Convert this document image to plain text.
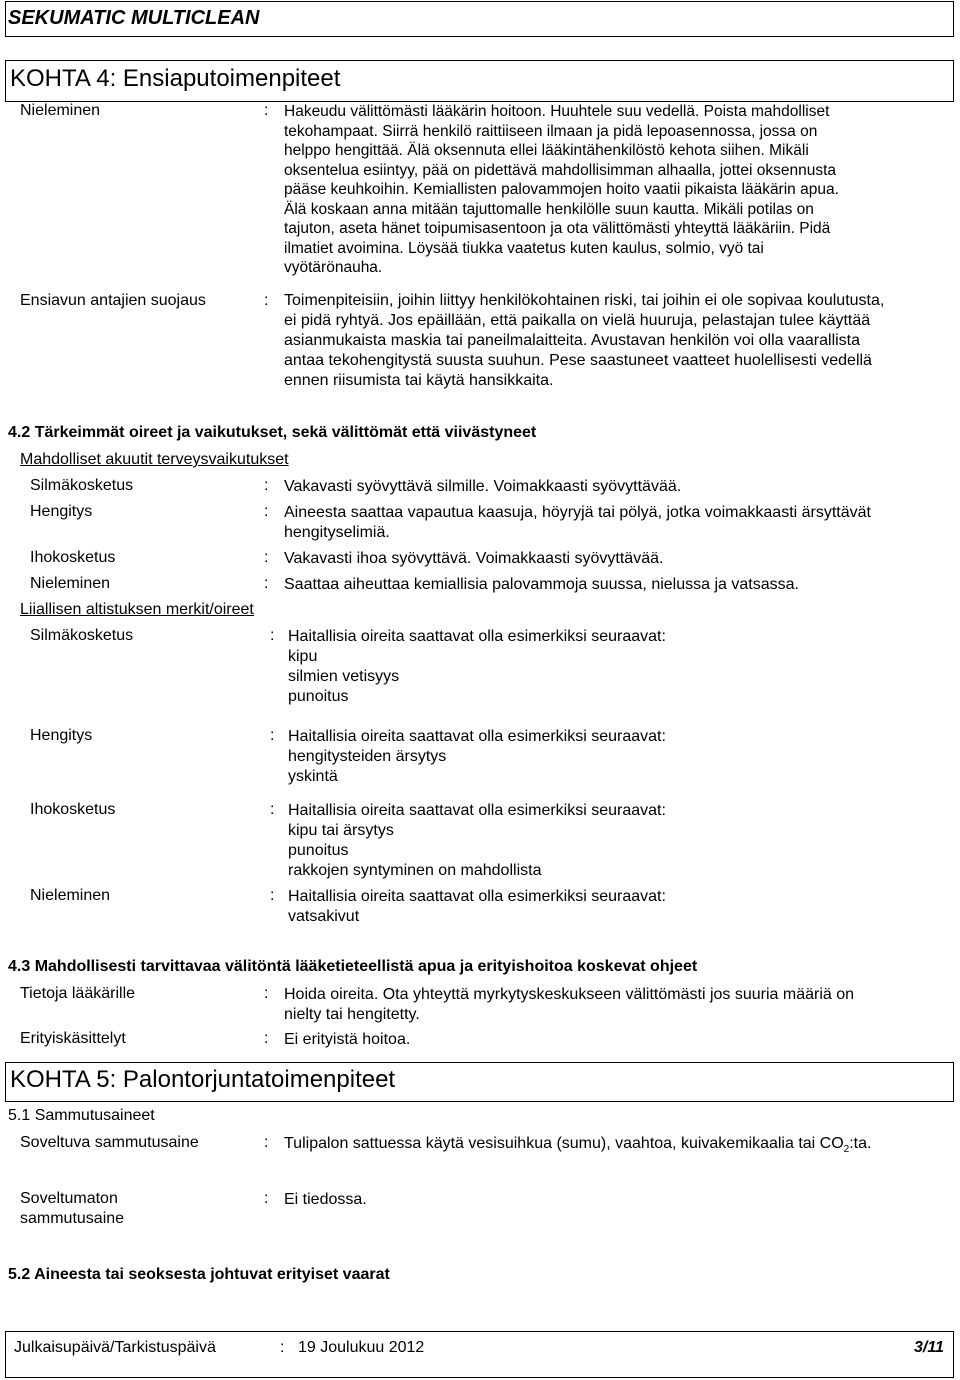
SEKUMATIC MULTICLEAN
KOHTA 4: Ensiaputoimenpiteet
Nieleminen	: Hakeudu välittömästi lääkärin hoitoon. Huuhtele suu vedellä. Poista mahdolliset
tekohampaat. Siirrä henkilö raittiiseen ilmaan ja pidä lepoasennossa, jossa on
helppo hengittää. Älä oksennuta ellei lääkintähenkilöstö kehota siihen. Mikäli
oksentelua esiintyy, pää on pidettävä mahdollisimman alhaalla, jottei oksennusta
pääse keuhkoihin. Kemiallisten palovammojen hoito vaatii pikaista lääkärin apua.
Älä koskaan anna mitään tajuttomalle henkilölle suun kautta. Mikäli potilas on
tajuton, aseta hänet toipumisasentoon ja ota välittömästi yhteyttä lääkäriin. Pidä
ilmatiet avoimina. Löysää tiukka vaatetus kuten kaulus, solmio, vyö tai
vyötärönauha.
Ensiavun antajien suojaus	: Toimenpiteisiin, joihin liittyy henkilökohtainen riski, tai joihin ei ole sopivaa koulutusta,
ei pidä ryhtyä. Jos epäillään, että paikalla on vielä huuruja, pelastajan tulee käyttää
asianmukaista maskia tai paneilmalaitteita. Avustavan henkilön voi olla vaarallista
antaa tekohengitystä suusta suuhun. Pese saastuneet vaatteet huolellisesti vedellä
ennen riisumista tai käytä hansikkaita.
4.2 Tärkeimmät oireet ja vaikutukset, sekä välittömät että viivästyneet
Mahdolliset akuutit terveysvaikutukset
Silmäkosketus	: Vakavasti syövyttävä silmille. Voimakkaasti syövyttävää.
Hengitys	: Aineesta saattaa vapautua kaasuja, höyryjä tai pölyä, jotka voimakkaasti ärsyttävät
hengityselimiä.
Ihokosketus	: Vakavasti ihoa syövyttävä. Voimakkaasti syövyttävää.
Nieleminen	: Saattaa aiheuttaa kemiallisia palovammoja suussa, nielussa ja vatsassa.
Liiallisen altistuksen merkit/oireet
Silmäkosketus	: Haitallisia oireita saattavat olla esimerkiksi seuraavat:
kipu
silmien vetisyys
punoitus
Hengitys	: Haitallisia oireita saattavat olla esimerkiksi seuraavat:
hengitysteiden ärsytys
yskintä
Ihokosketus	: Haitallisia oireita saattavat olla esimerkiksi seuraavat:
kipu tai ärsytys
punoitus
rakkojen syntyminen on mahdollista
Nieleminen	: Haitallisia oireita saattavat olla esimerkiksi seuraavat:
vatsakivut
4.3 Mahdollisesti tarvittavaa välitöntä lääketieteellistä apua ja erityishoitoa koskevat ohjeet
Tietoja lääkärille	: Hoida oireita. Ota yhteyttä myrkytyskeskukseen välittömästi jos suuria määriä on
nielty tai hengitetty.
Erityiskäsittelyt	: Ei erityistä hoitoa.
KOHTA 5: Palontorjuntatoimenpiteet
5.1 Sammutusaineet
Soveltuva sammutusaine	: Tulipalon sattuessa käytä vesisuihkua (sumu), vaahtoa, kuivakemikaalia tai $CO_2:ta$.
Soveltumaton
sammutusaine
: Ei tiedossa.
5.2 Aineesta tai seoksesta johtuvat erityiset vaarat
Julkaisupäivä/Tarkistuspäivä	: 19 Joulukuu 2012	3/11
